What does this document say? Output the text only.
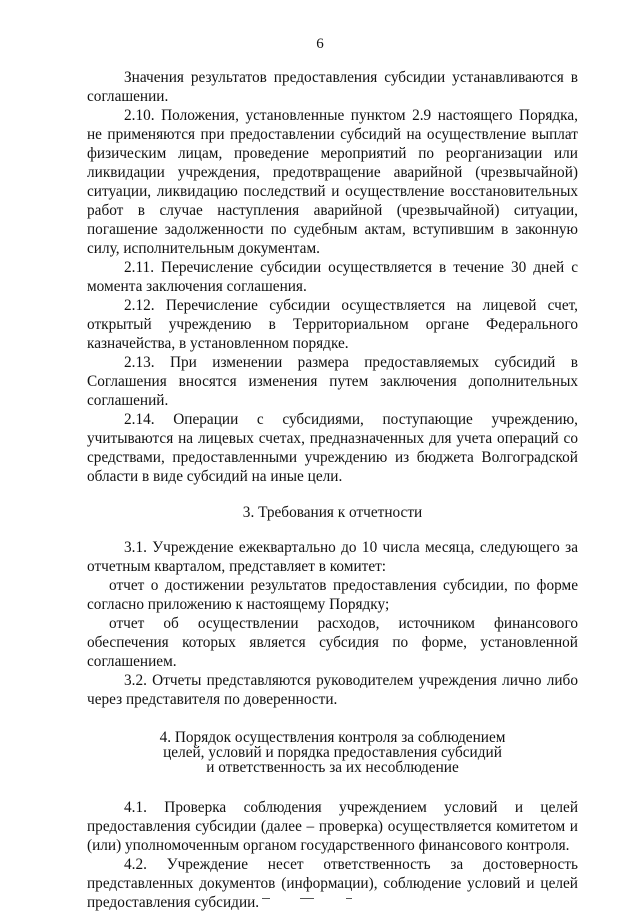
6

Значения результатов предоставления субсидии устанавливаются в соглашении.

2.10. Положения, установленные пунктом 2.9 настоящего Порядка, не применяются при предоставлении субсидий на осуществление выплат физическим лицам, проведение мероприятий по реорганизации или ликвидации учреждения, предотвращение аварийной (чрезвычайной) ситуации, ликвидацию последствий и осуществление восстановительных работ в случае наступления аварийной (чрезвычайной) ситуации, погашение задолженности по судебным актам, вступившим в законную силу, исполнительным документам.

2.11. Перечисление субсидии осуществляется в течение 30 дней с момента заключения соглашения.

2.12. Перечисление субсидии осуществляется на лицевой счет, открытый учреждению в Территориальном органе Федерального казначейства, в установленном порядке.

2.13. При изменении размера предоставляемых субсидий в Соглашения вносятся изменения путем заключения дополнительных соглашений.

2.14. Операции с субсидиями, поступающие учреждению, учитываются на лицевых счетах, предназначенных для учета операций со средствами, предоставленными учреждению из бюджета Волгоградской области в виде субсидий на иные цели.

3. Требования к отчетности

3.1. Учреждение ежеквартально до 10 числа месяца, следующего за отчетным кварталом, представляет в комитет:

отчет о достижении результатов предоставления субсидии, по форме согласно приложению к настоящему Порядку;

отчет об осуществлении расходов, источником финансового обеспечения которых является субсидия по форме, установленной соглашением.

3.2. Отчеты представляются руководителем учреждения лично либо через представителя по доверенности.

4. Порядок осуществления контроля за соблюдением

целей, условий и порядка предоставления субсидий

и ответственность за их несоблюдение

4.1. Проверка соблюдения учреждением условий и целей предоставления субсидии (далее – проверка) осуществляется комитетом и (или) уполномоченным органом государственного финансового контроля.

4.2. Учреждение несет ответственность за достоверность представленных документов (информации), соблюдение условий и целей предоставления субсидии.
